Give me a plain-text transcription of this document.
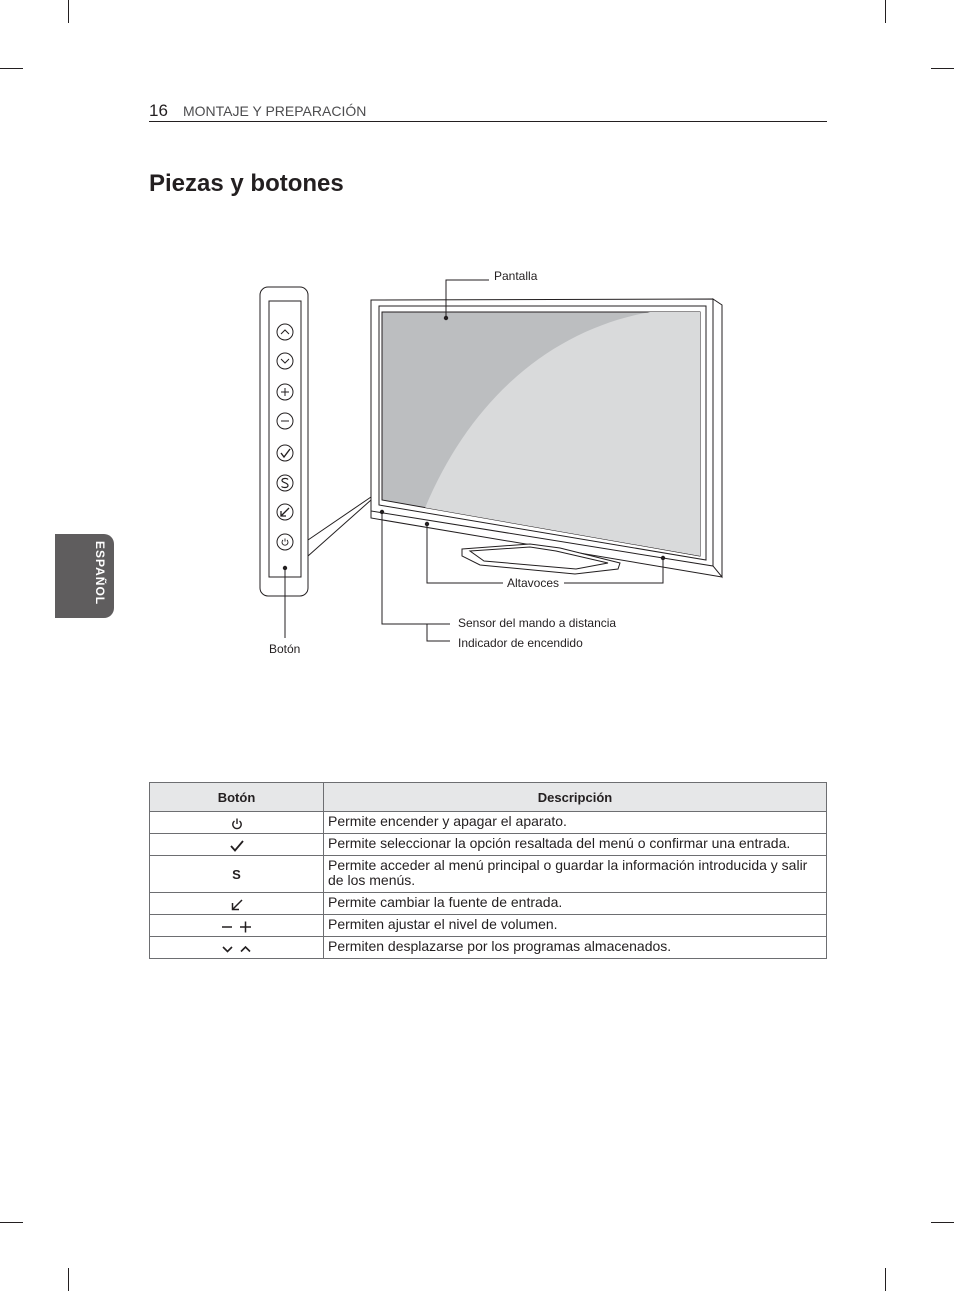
16 MONTAJE Y PREPARACIÓN
Piezas y botones
ESPAÑOL
Botón
Pantalla
Altavoces
Sensor del mando a distancia
Indicador de encendido
Botón	Descripción
	Permite encender y apagar el aparato.
	Permite seleccionar la opción resaltada del menú o confirmar una entrada.
S	Permite acceder al menú principal o guardar la información introducida y salir de los menús.
	Permite cambiar la fuente de entrada.
	Permiten ajustar el nivel de volumen.
	Permiten desplazarse por los programas almacenados.
